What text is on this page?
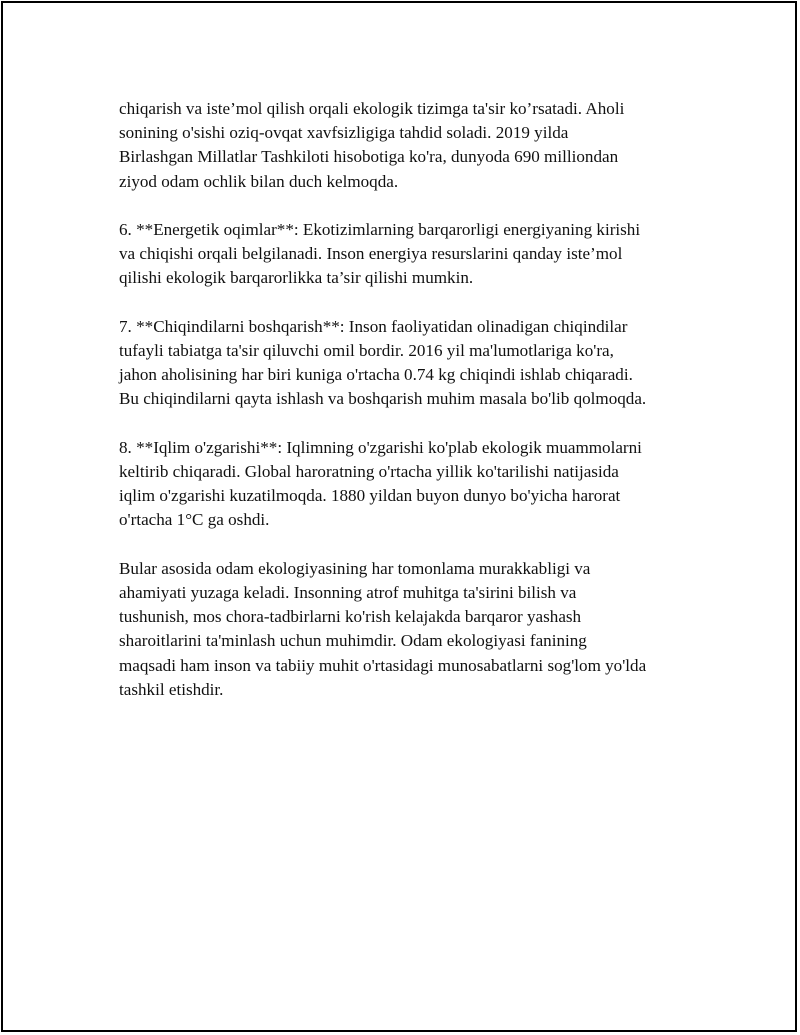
chiqarish va iste’mol qilish orqali ekologik tizimga ta'sir ko’rsatadi. Aholi
sonining o'sishi oziq-ovqat xavfsizligiga tahdid soladi. 2019 yilda
Birlashgan Millatlar Tashkiloti hisobotiga ko'ra, dunyoda 690 milliondan
ziyod odam ochlik bilan duch kelmoqda.

6. **Energetik oqimlar**: Ekotizimlarning barqarorligi energiyaning kirishi
va chiqishi orqali belgilanadi. Inson energiya resurslarini qanday iste’mol
qilishi ekologik barqarorlikka ta’sir qilishi mumkin.

7. **Chiqindilarni boshqarish**: Inson faoliyatidan olinadigan chiqindilar
tufayli tabiatga ta'sir qiluvchi omil bordir. 2016 yil ma'lumotlariga ko'ra,
jahon aholisining har biri kuniga o'rtacha 0.74 kg chiqindi ishlab chiqaradi.
Bu chiqindilarni qayta ishlash va boshqarish muhim masala bo'lib qolmoqda.

8. **Iqlim o'zgarishi**: Iqlimning o'zgarishi ko'plab ekologik muammolarni
keltirib chiqaradi. Global haroratning o'rtacha yillik ko'tarilishi natijasida
iqlim o'zgarishi kuzatilmoqda. 1880 yildan buyon dunyo bo'yicha harorat
o'rtacha 1°C ga oshdi.

Bular asosida odam ekologiyasining har tomonlama murakkabligi va
ahamiyati yuzaga keladi. Insonning atrof muhitga ta'sirini bilish va
tushunish, mos chora-tadbirlarni ko'rish kelajakda barqaror yashash
sharoitlarini ta'minlash uchun muhimdir. Odam ekologiyasi fanining
maqsadi ham inson va tabiiy muhit o'rtasidagi munosabatlarni sog'lom yo'lda
tashkil etishdir.
